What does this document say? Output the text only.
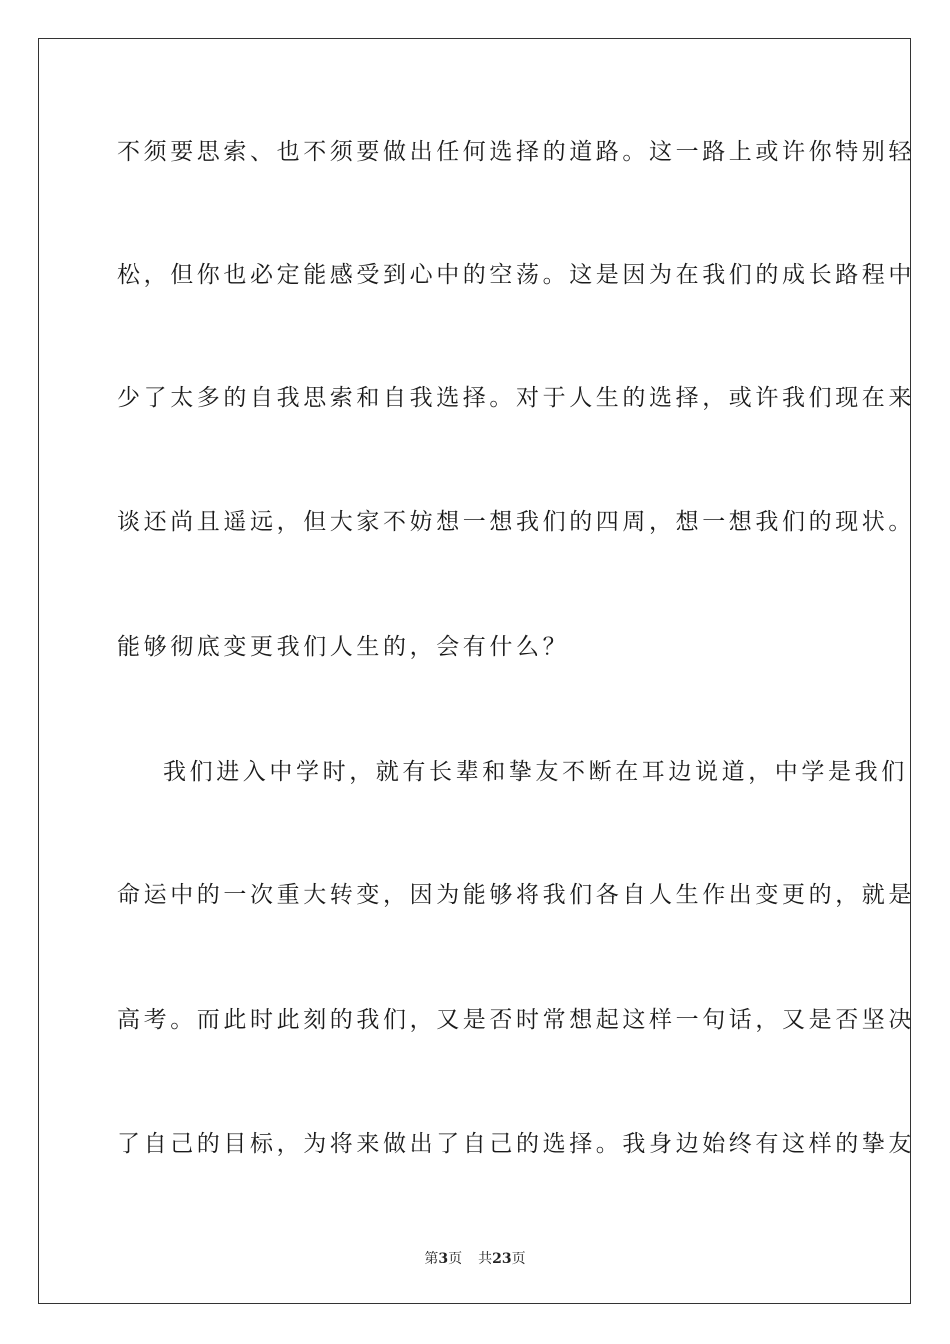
不须要思索、也不须要做出任何选择的道路。这一路上或许你特别轻
松，但你也必定能感受到心中的空荡。这是因为在我们的成长路程中
少了太多的自我思索和自我选择。对于人生的选择，或许我们现在来
谈还尚且遥远，但大家不妨想一想我们的四周，想一想我们的现状。
能够彻底变更我们人生的，会有什么？
我们进入中学时，就有长辈和挚友不断在耳边说道，中学是我们
命运中的一次重大转变，因为能够将我们各自人生作出变更的，就是
高考。而此时此刻的我们，又是否时常想起这样一句话，又是否坚决
了自己的目标，为将来做出了自己的选择。我身边始终有这样的挚友
第3页 共23页
